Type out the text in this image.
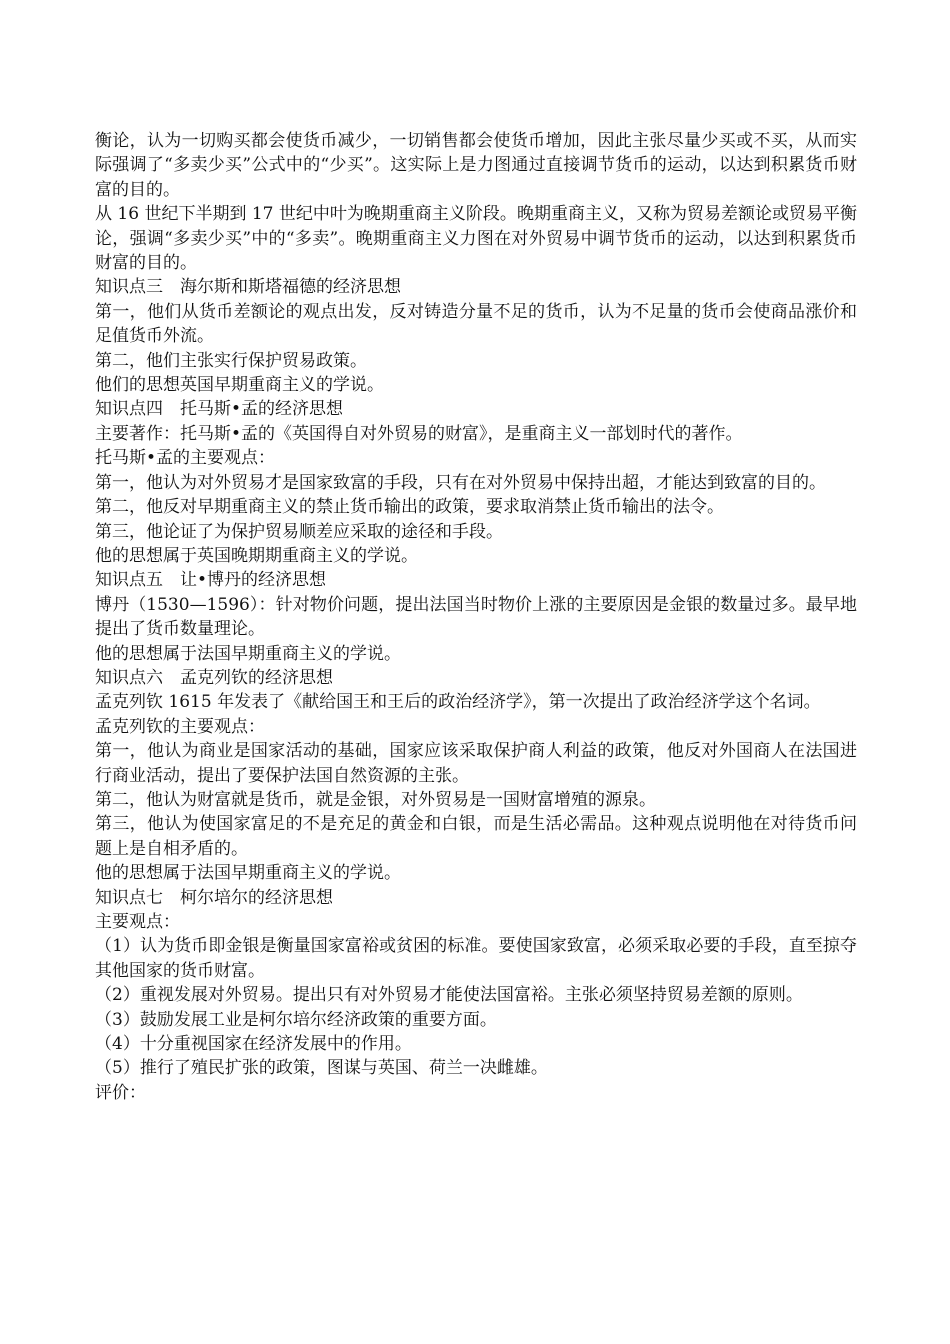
衡论，认为一切购买都会使货币减少，一切销售都会使货币增加，因此主张尽量少买或不买，从而实际强调了“多卖少买”公式中的“少买”。这实际上是力图通过直接调节货币的运动，以达到积累货币财富的目的。
从 16 世纪下半期到 17 世纪中叶为晚期重商主义阶段。晚期重商主义，又称为贸易差额论或贸易平衡论，强调“多卖少买”中的“多卖”。晚期重商主义力图在对外贸易中调节货币的运动，以达到积累货币财富的目的。
知识点三　海尔斯和斯塔福德的经济思想
第一，他们从货币差额论的观点出发，反对铸造分量不足的货币，认为不足量的货币会使商品涨价和足值货币外流。
第二，他们主张实行保护贸易政策。
他们的思想英国早期重商主义的学说。
知识点四　托马斯•孟的经济思想
主要著作：托马斯•孟的《英国得自对外贸易的财富》，是重商主义一部划时代的著作。
托马斯•孟的主要观点：
第一，他认为对外贸易才是国家致富的手段，只有在对外贸易中保持出超，才能达到致富的目的。
第二，他反对早期重商主义的禁止货币输出的政策，要求取消禁止货币输出的法令。
第三，他论证了为保护贸易顺差应采取的途径和手段。
他的思想属于英国晚期期重商主义的学说。
知识点五　让•博丹的经济思想
博丹（1530—1596）：针对物价问题，提出法国当时物价上涨的主要原因是金银的数量过多。最早地提出了货币数量理论。
他的思想属于法国早期重商主义的学说。
知识点六　孟克列钦的经济思想
孟克列钦 1615 年发表了《献给国王和王后的政治经济学》，第一次提出了政治经济学这个名词。
孟克列钦的主要观点：
第一，他认为商业是国家活动的基础，国家应该采取保护商人利益的政策，他反对外国商人在法国进行商业活动，提出了要保护法国自然资源的主张。
第二，他认为财富就是货币，就是金银，对外贸易是一国财富增殖的源泉。
第三，他认为使国家富足的不是充足的黄金和白银，而是生活必需品。这种观点说明他在对待货币问题上是自相矛盾的。
他的思想属于法国早期重商主义的学说。
知识点七　柯尔培尔的经济思想
主要观点：
（1）认为货币即金银是衡量国家富裕或贫困的标准。要使国家致富，必须采取必要的手段，直至掠夺其他国家的货币财富。
（2）重视发展对外贸易。提出只有对外贸易才能使法国富裕。主张必须坚持贸易差额的原则。
（3）鼓励发展工业是柯尔培尔经济政策的重要方面。
（4）十分重视国家在经济发展中的作用。
（5）推行了殖民扩张的政策，图谋与英国、荷兰一决雌雄。
评价：
